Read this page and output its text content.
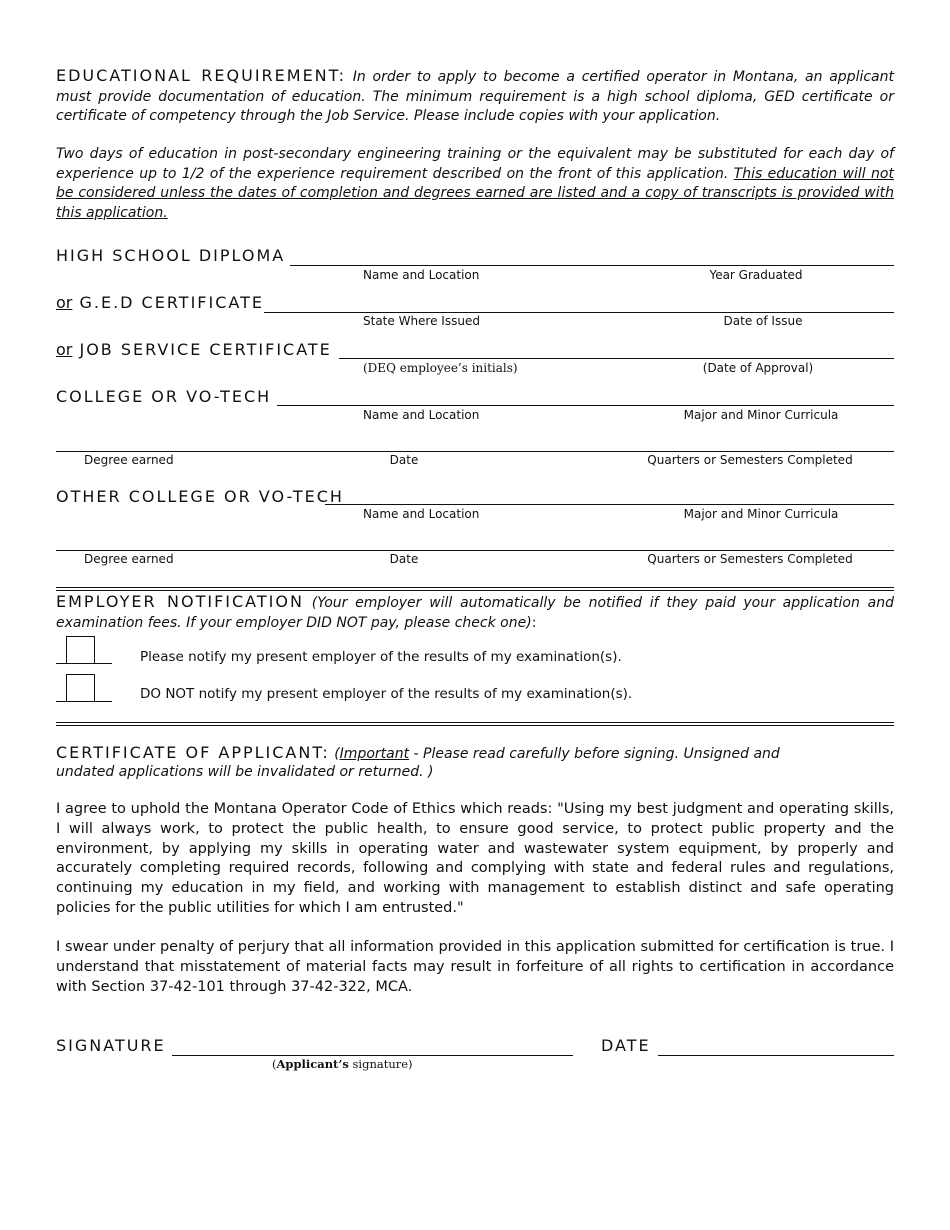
EDUCATIONAL REQUIREMENT: In order to apply to become a certified operator in Montana, an applicant must provide documentation of education. The minimum requirement is a high school diploma, GED certificate or certificate of competency through the Job Service. Please include copies with your application.
Two days of education in post-secondary engineering training or the equivalent may be substituted for each day of experience up to 1/2 of the experience requirement described on the front of this application. This education will not be considered unless the dates of completion and degrees earned are listed and a copy of transcripts is provided with this application.
HIGH SCHOOL DIPLOMA
Name and Location	Year Graduated
or G.E.D CERTIFICATE
State Where Issued	Date of Issue
or JOB SERVICE CERTIFICATE
(DEQ employee’s initials)	(Date of Approval)
COLLEGE OR VO-TECH
Name and Location	Major and Minor Curricula
Degree earned	Date	Quarters or Semesters Completed
OTHER COLLEGE OR VO-TECH
Name and Location	Major and Minor Curricula
Degree earned	Date	Quarters or Semesters Completed
EMPLOYER NOTIFICATION (Your employer will automatically be notified if they paid your application and examination fees. If your employer DID NOT pay, please check one):
Please notify my present employer of the results of my examination(s).
DO NOT notify my present employer of the results of my examination(s).
CERTIFICATE OF APPLICANT: (Important - Please read carefully before signing. Unsigned and undated applications will be invalidated or returned. )
I agree to uphold the Montana Operator Code of Ethics which reads: "Using my best judgment and operating skills, I will always work, to protect the public health, to ensure good service, to protect public property and the environment, by applying my skills in operating water and wastewater system equipment, by properly and accurately completing required records, following and complying with state and federal rules and regulations, continuing my education in my field, and working with management to establish distinct and safe operating policies for the public utilities for which I am entrusted."
I swear under penalty of perjury that all information provided in this application submitted for certification is true. I understand that misstatement of material facts may result in forfeiture of all rights to certification in accordance with Section 37-42-101 through 37-42-322, MCA.
SIGNATURE
(Applicant’s signature)
DATE
